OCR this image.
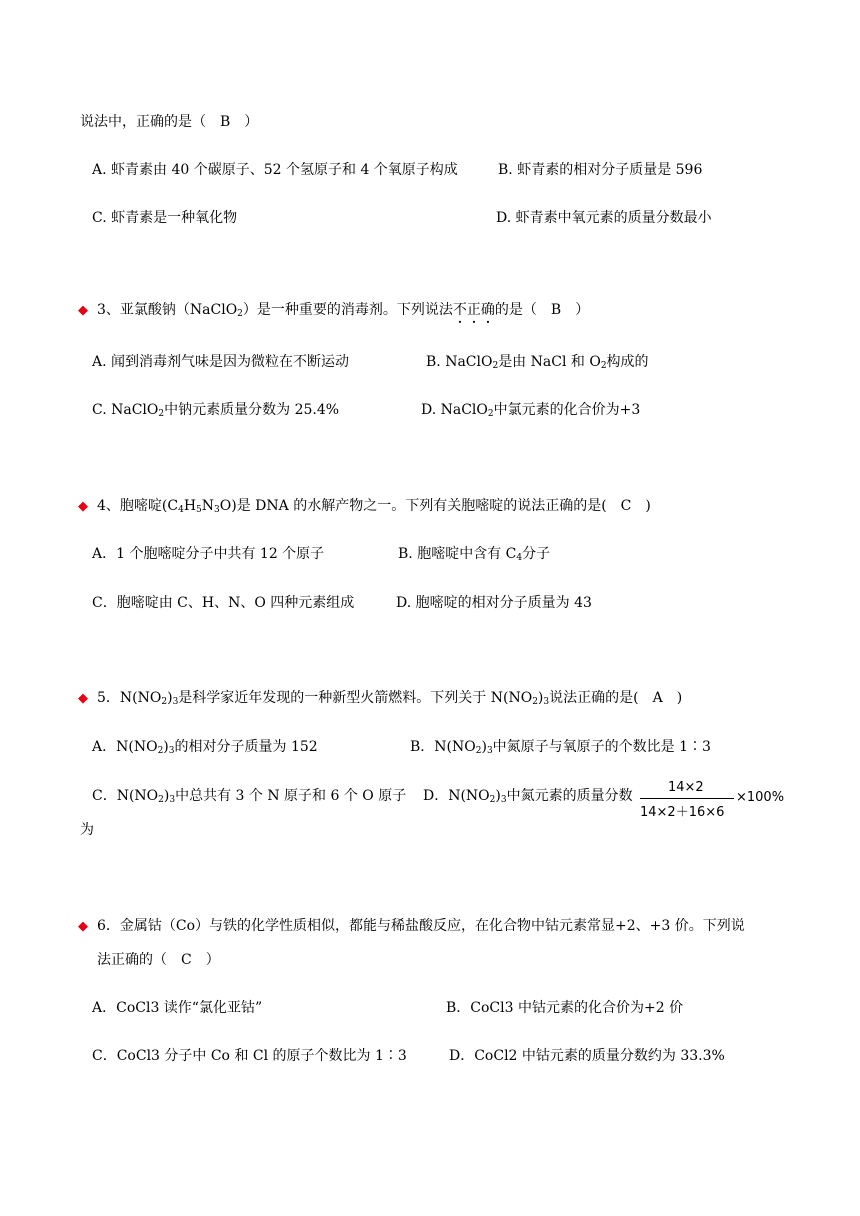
说法中，正确的是（　B　）
A. 虾青素由 40 个碳原子、52 个氢原子和 4 个氧原子构成	B. 虾青素的相对分子质量是 596
C. 虾青素是一种氧化物	D. 虾青素中氧元素的质量分数最小
◆ 3、亚氯酸钠（NaClO$_2$）是一种重要的消毒剂。下列说法不正确的是（　B　）
A. 闻到消毒剂气味是因为微粒在不断运动	B. NaClO$_2$是由 NaCl 和 $O_2$构成的
C. NaClO$_2$中钠元素质量分数为 25.4%	D. NaClO$_2$中氯元素的化合价为+3
◆ 4、胞嘧啶$(C_4H_5N_3O)$是 DNA 的水解产物之一。下列有关胞嘧啶的说法正确的是(　C　)
A．1 个胞嘧啶分子中共有 12 个原子	B. 胞嘧啶中含有 $C_4$分子
C．胞嘧啶由 C、H、N、O 四种元素组成	D. 胞嘧啶的相对分子质量为 43
◆ 5．$N(NO_2)_3$是科学家近年发现的一种新型火箭燃料。下列关于 $N(NO_2)_3$说法正确的是(　A　)
A．$N(NO_2)_3$的相对分子质量为 152	B．$N(NO_2)_3$中氮原子与氧原子的个数比是 1∶3
C．$N(NO_2)_3$中总共有 3 个 N 原子和 6 个 O 原子 D．$N(NO_2)_3$中氮元素的质量分数
14×2
14×2＋16×6
×100%
为
◆ 6．金属钴（Co）与铁的化学性质相似，都能与稀盐酸反应，在化合物中钴元素常显+2、+3 价。下列说
法正确的（　C　）
A．CoCl3 读作“氯化亚钴”	B．CoCl3 中钴元素的化合价为+2 价
C．CoCl3 分子中 Co 和 Cl 的原子个数比为 1∶3	D．CoCl2 中钴元素的质量分数约为 33.3%
